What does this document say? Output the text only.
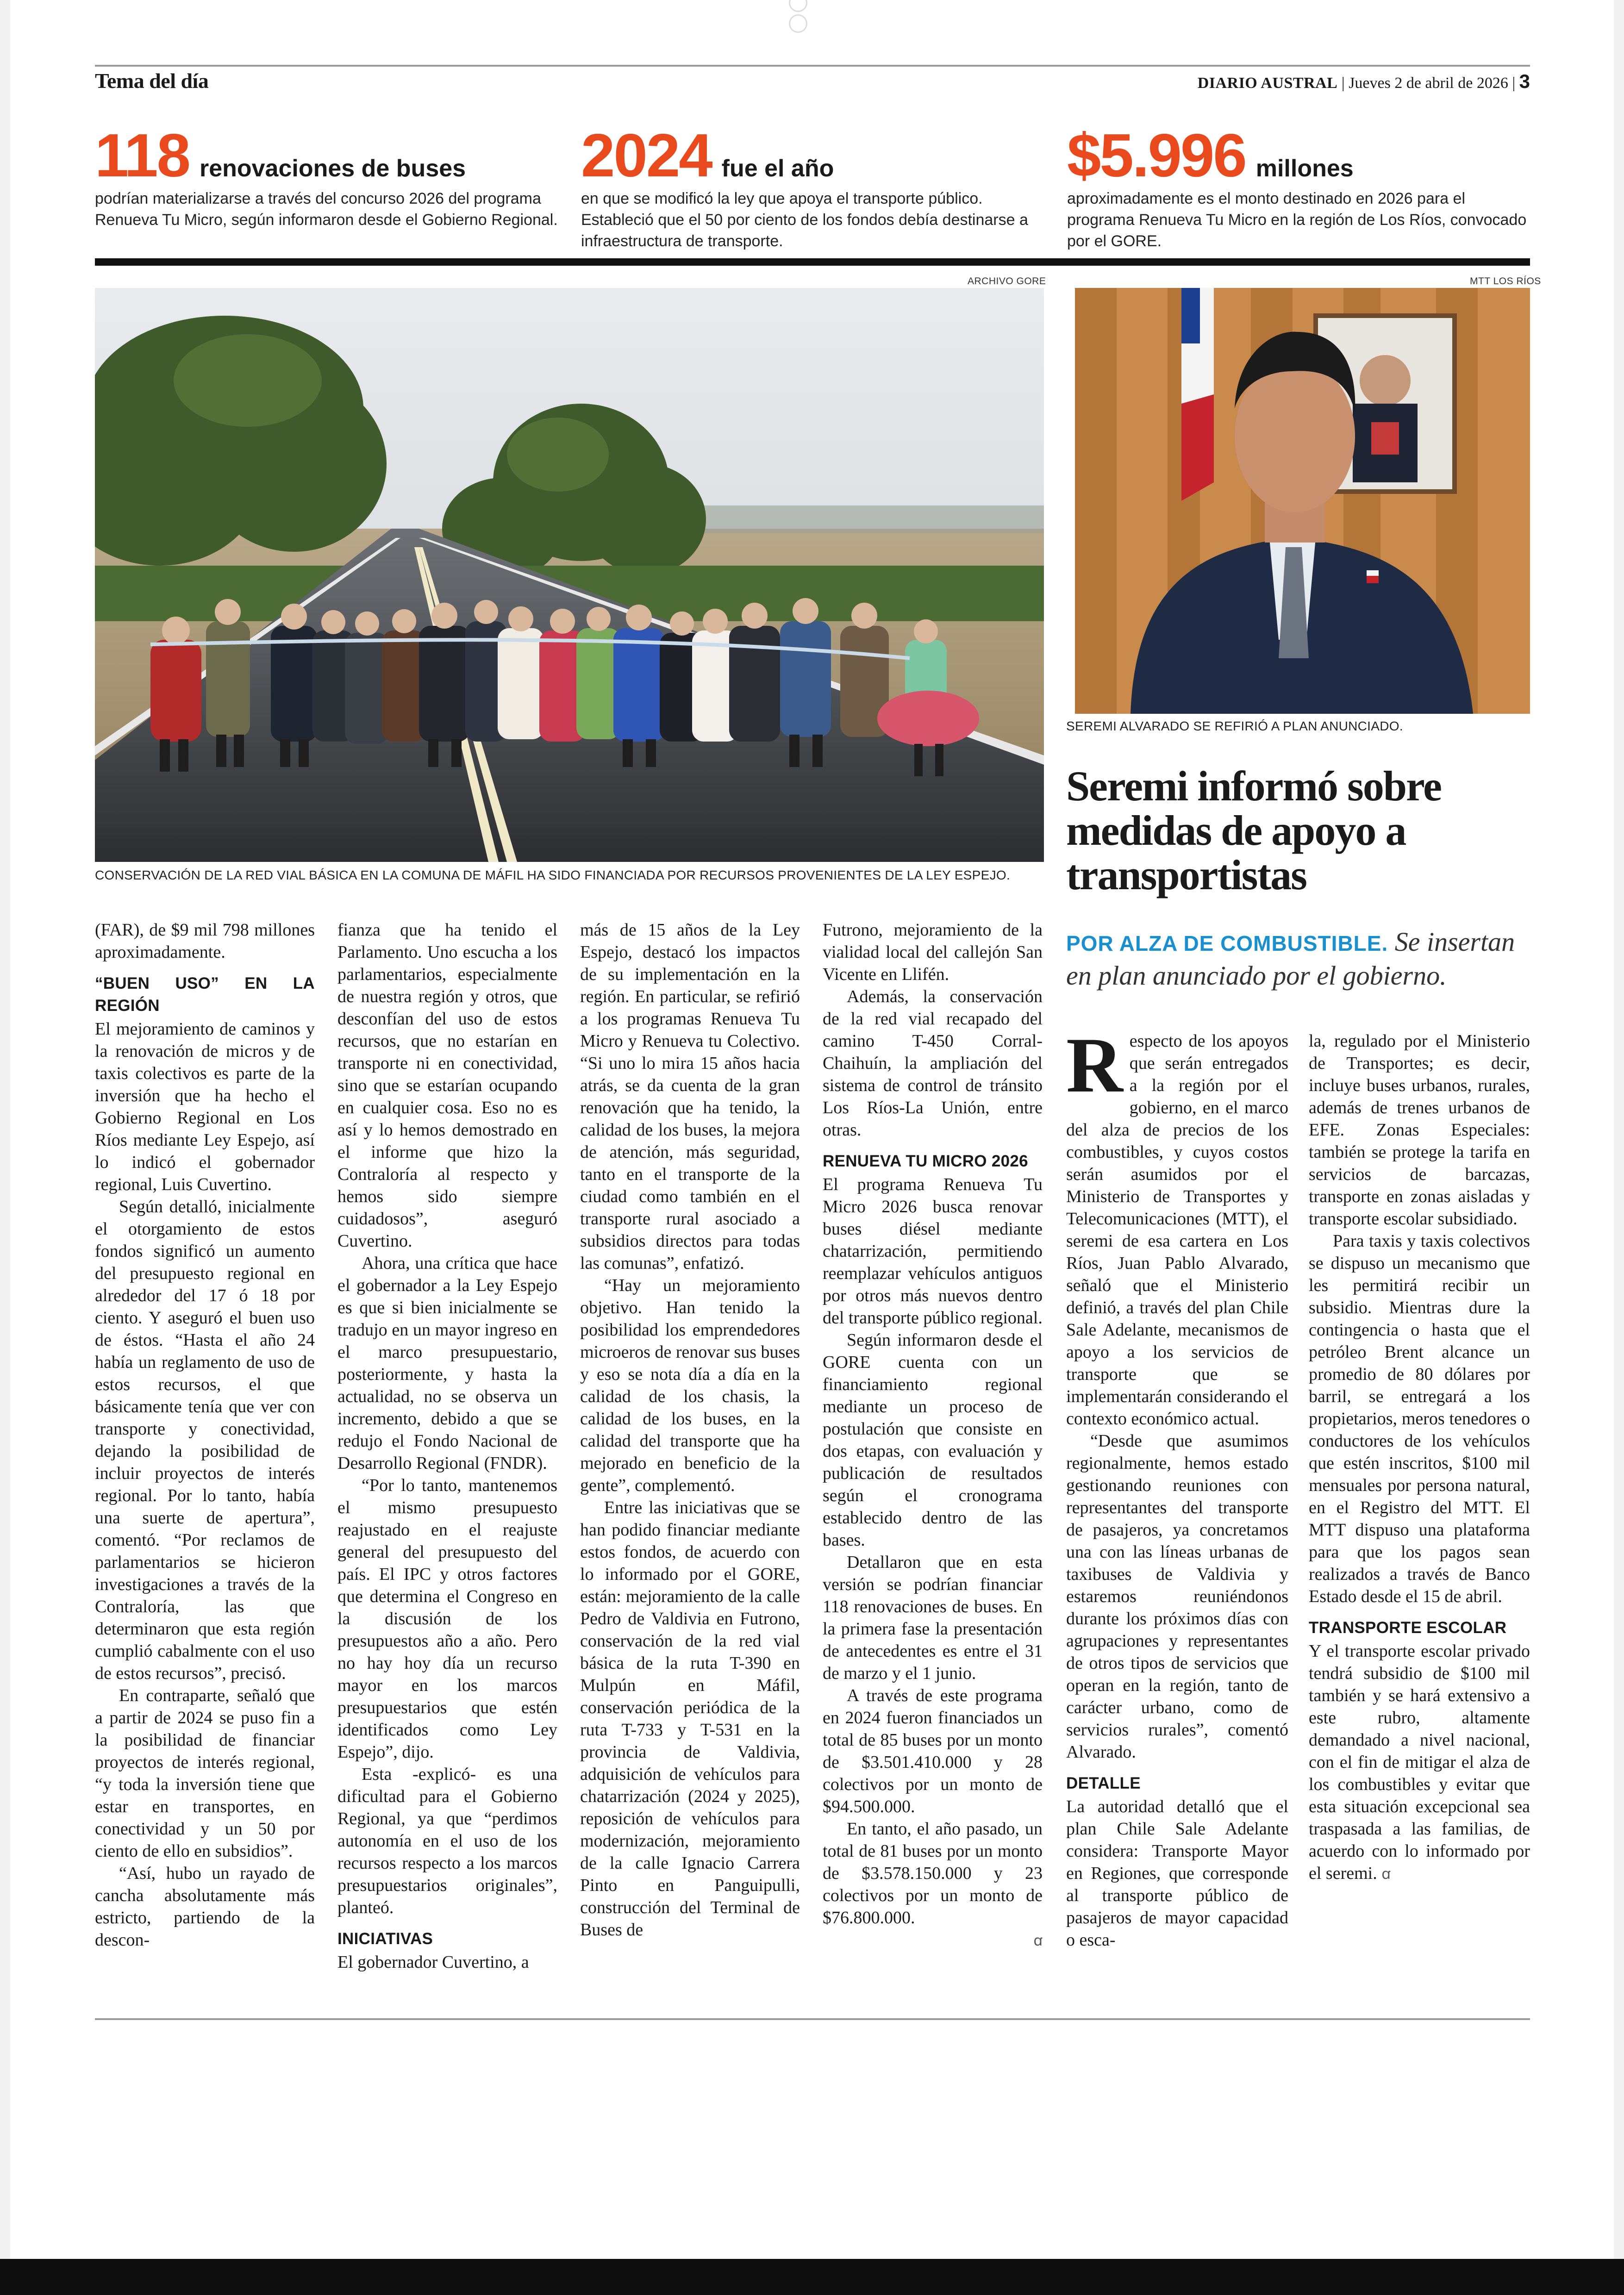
Tema del día	DIARIO AUSTRAL | Jueves 2 de abril de 2026 | 3
118 renovaciones de buses
podrían materializarse a través del concurso 2026 del programa Renueva Tu Micro, según informaron desde el Gobierno Regional.
2024 fue el año
en que se modificó la ley que apoya el transporte público. Estableció que el 50 por ciento de los fondos debía destinarse a infraestructura de transporte.
$5.996 millones
aproximadamente es el monto destinado en 2026 para el programa Renueva Tu Micro en la región de Los Ríos, convocado por el GORE.
ARCHIVO GORE
CONSERVACIÓN DE LA RED VIAL BÁSICA EN LA COMUNA DE MÁFIL HA SIDO FINANCIADA POR RECURSOS PROVENIENTES DE LA LEY ESPEJO.
MTT LOS RÍOS
SEREMI ALVARADO SE REFIRIÓ A PLAN ANUNCIADO.
Seremi informó sobre medidas de apoyo a transportistas
POR ALZA DE COMBUSTIBLE. Se insertan en plan anunciado por el gobierno.

(FAR), de $9 mil 798 millones aproximadamente.

“BUEN USO” EN LA REGIÓN

El mejoramiento de caminos y la renovación de micros y de taxis colectivos es parte de la inversión que ha hecho el Gobierno Regional en Los Ríos mediante Ley Espejo, así lo indicó el gobernador regional, Luis Cuvertino.

Según detalló, inicialmente el otorgamiento de estos fondos significó un aumento del presupuesto regional en alrededor del 17 ó 18 por ciento. Y aseguró el buen uso de éstos. “Hasta el año 24 había un reglamento de uso de estos recursos, el que básicamente tenía que ver con transporte y conectividad, dejando la posibilidad de incluir proyectos de interés regional. Por lo tanto, había una suerte de apertura”, comentó. “Por reclamos de parlamentarios se hicieron investigaciones a través de la Contraloría, las que determinaron que esta región cumplió cabalmente con el uso de estos recursos”, precisó.

En contraparte, señaló que a partir de 2024 se puso fin a la posibilidad de financiar proyectos de interés regional, “y toda la inversión tiene que estar en transportes, en conectividad y un 50 por ciento de ello en subsidios”.

“Así, hubo un rayado de cancha absolutamente más estricto, partiendo de la descon-

fianza que ha tenido el Parlamento. Uno escucha a los parlamentarios, especialmente de nuestra región y otros, que desconfían del uso de estos recursos, que no estarían en transporte ni en conectividad, sino que se estarían ocupando en cualquier cosa. Eso no es así y lo hemos demostrado en el informe que hizo la Contraloría al respecto y hemos sido siempre cuidadosos”, aseguró Cuvertino.

Ahora, una crítica que hace el gobernador a la Ley Espejo es que si bien inicialmente se tradujo en un mayor ingreso en el marco presupuestario, posteriormente, y hasta la actualidad, no se observa un incremento, debido a que se redujo el Fondo Nacional de Desarrollo Regional (FNDR).

“Por lo tanto, mantenemos el mismo presupuesto reajustado en el reajuste general del presupuesto del país. El IPC y otros factores que determina el Congreso en la discusión de los presupuestos año a año. Pero no hay hoy día un recurso mayor en los marcos presupuestarios que estén identificados como Ley Espejo”, dijo.

Esta -explicó- es una dificultad para el Gobierno Regional, ya que “perdimos autonomía en el uso de los recursos respecto a los marcos presupuestarios originales”, planteó.

INICIATIVAS

El gobernador Cuvertino, a

más de 15 años de la Ley Espejo, destacó los impactos de su implementación en la región. En particular, se refirió a los programas Renueva Tu Micro y Renueva tu Colectivo. “Si uno lo mira 15 años hacia atrás, se da cuenta de la gran renovación que ha tenido, la calidad de los buses, la mejora de atención, más seguridad, tanto en el transporte de la ciudad como también en el transporte rural asociado a subsidios directos para todas las comunas”, enfatizó.

“Hay un mejoramiento objetivo. Han tenido la posibilidad los emprendedores microeros de renovar sus buses y eso se nota día a día en la calidad de los chasis, la calidad de los buses, en la calidad del transporte que ha mejorado en beneficio de la gente”, complementó.

Entre las iniciativas que se han podido financiar mediante estos fondos, de acuerdo con lo informado por el GORE, están: mejoramiento de la calle Pedro de Valdivia en Futrono, conservación de la red vial básica de la ruta T-390 en Mulpún en Máfil, conservación periódica de la ruta T-733 y T-531 en la provincia de Valdivia, adquisición de vehículos para chatarrización (2024 y 2025), reposición de vehículos para modernización, mejoramiento de la calle Ignacio Carrera Pinto en Panguipulli, construcción del Terminal de Buses de

Futrono, mejoramiento de la vialidad local del callejón San Vicente en Llifén.

Además, la conservación de la red vial recapado del camino T-450 Corral- Chaihuín, la ampliación del sistema de control de tránsito Los Ríos-La Unión, entre otras.

RENUEVA TU MICRO 2026

El programa Renueva Tu Micro 2026 busca renovar buses diésel mediante chatarrización, permitiendo reemplazar vehículos antiguos por otros más nuevos dentro del transporte público regional.

Según informaron desde el GORE cuenta con un financiamiento regional mediante un proceso de postulación que consiste en dos etapas, con evaluación y publicación de resultados según el cronograma establecido dentro de las bases.

Detallaron que en esta versión se podrían financiar 118 renovaciones de buses. En la primera fase la presentación de antecedentes es entre el 31 de marzo y el 1 junio.

A través de este programa en 2024 fueron financiados un total de 85 buses por un monto de $3.501.410.000 y 28 colectivos por un monto de $94.500.000.

En tanto, el año pasado, un total de 81 buses por un monto de $3.578.150.000 y 23 colectivos por un monto de $76.800.000.

ꭤ

Respecto de los apoyos que serán entregados a la región por el gobierno, en el marco del alza de precios de los combustibles, y cuyos costos serán asumidos por el Ministerio de Transportes y Telecomunicaciones (MTT), el seremi de esa cartera en Los Ríos, Juan Pablo Alvarado, señaló que el Ministerio definió, a través del plan Chile Sale Adelante, mecanismos de apoyo a los servicios de transporte que se implementarán considerando el contexto económico actual.

“Desde que asumimos regionalmente, hemos estado gestionando reuniones con representantes del transporte de pasajeros, ya concretamos una con las líneas urbanas de taxibuses de Valdivia y estaremos reuniéndonos durante los próximos días con agrupaciones y representantes de otros tipos de servicios que operan en la región, tanto de carácter urbano, como de servicios rurales”, comentó Alvarado.

DETALLE

La autoridad detalló que el plan Chile Sale Adelante considera: Transporte Mayor en Regiones, que corresponde al transporte público de pasajeros de mayor capacidad o esca-

la, regulado por el Ministerio de Transportes; es decir, incluye buses urbanos, rurales, además de trenes urbanos de EFE. Zonas Especiales: también se protege la tarifa en servicios de barcazas, transporte en zonas aisladas y transporte escolar subsidiado.

Para taxis y taxis colectivos se dispuso un mecanismo que les permitirá recibir un subsidio. Mientras dure la contingencia o hasta que el petróleo Brent alcance un promedio de 80 dólares por barril, se entregará a los propietarios, meros tenedores o conductores de los vehículos que estén inscritos, $100 mil mensuales por persona natural, en el Registro del MTT. El MTT dispuso una plataforma para que los pagos sean realizados a través de Banco Estado desde el 15 de abril.

TRANSPORTE ESCOLAR

Y el transporte escolar privado tendrá subsidio de $100 mil también y se hará extensivo a este rubro, altamente demandado a nivel nacional, con el fin de mitigar el alza de los combustibles y evitar que esta situación excepcional sea traspasada a las familias, de acuerdo con lo informado por el seremi. ꭤ
